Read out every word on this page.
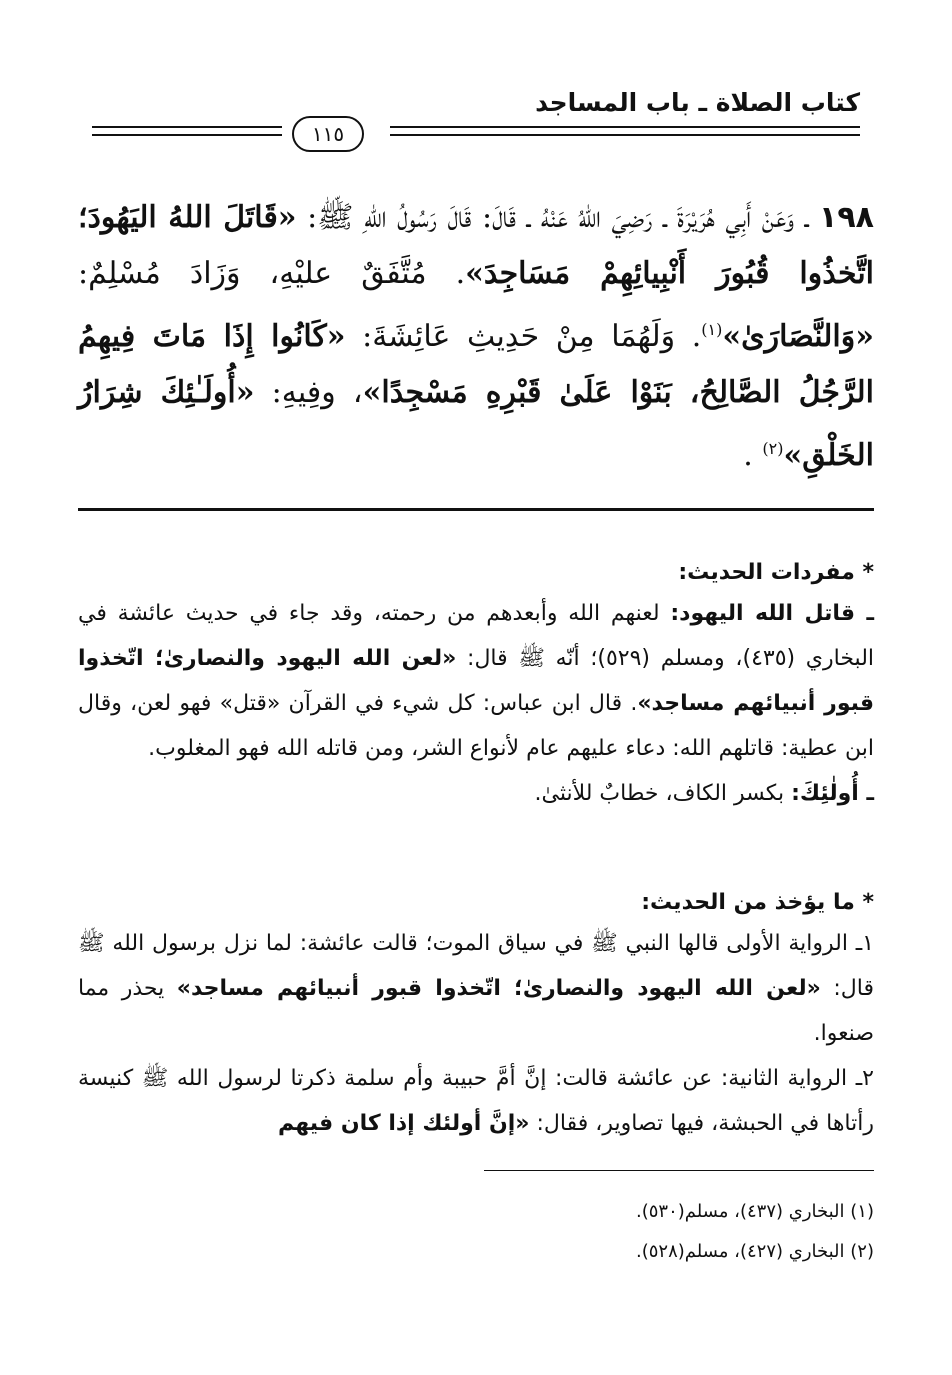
كتاب الصلاة ـ باب المساجد
١١٥
١٩٨ ـ وَعَنْ أَبِي هُرَيْرَةَ ـ رَضِيَ اللهُ عَنْهُ ـ قَالَ: قَالَ رَسُولُ اللهِ ﷺ: «قَاتَلَ اللهُ اليَهُودَ؛ اتَّخذُوا قُبُورَ أَنْبِيائِهِمْ مَسَاجِدَ». مُتَّفَقٌ عليْهِ، وَزَادَ مُسْلِمٌ: «وَالنَّصَارَىٰ»$^{(١)}$. وَلَهُمَا مِنْ حَدِيثِ عَائِشَةَ: «كَانُوا إِذَا مَاتَ فِيهِمُ الرَّجُلُ الصَّالِحُ، بَنَوْا عَلَىٰ قَبْرِهِ مَسْجِدًا»، وفِيهِ: «أُولَـٰئِكَ شِرَارُ الخَلْقِ»$^{(٢)}$ .
* مفردات الحديث:

ـ قاتل الله اليهود: لعنهم الله وأبعدهم من رحمته، وقد جاء في حديث عائشة في البخاري (٤٣٥)، ومسلم (٥٢٩)؛ أنّه ﷺ قال: «لعن الله اليهود والنصارىٰ؛ اتّخذوا قبور أنبيائهم مساجد». قال ابن عباس: كل شيء في القرآن «قتل» فهو لعن، وقال ابن عطية: قاتلهم الله: دعاء عليهم عام لأنواع الشر، ومن قاتله الله فهو المغلوب.

ـ أُولٰئِكَ: بكسر الكاف، خطابٌ للأنثىٰ.

* ما يؤخذ من الحديث:

١ـ الرواية الأولى قالها النبي ﷺ في سياق الموت؛ قالت عائشة: لما نزل برسول الله ﷺ قال: «لعن الله اليهود والنصارىٰ؛ اتّخذوا قبور أنبيائهم مساجد» يحذر مما صنعوا.

٢ـ الرواية الثانية: عن عائشة قالت: إنَّ أمَّ حبيبة وأم سلمة ذكرتا لرسول الله ﷺ كنيسة رأتاها في الحبشة، فيها تصاوير، فقال: «إنَّ أولئك إذا كان فيهم

(١) البخاري (٤٣٧)، مسلم(٥٣٠).
(٢) البخاري (٤٢٧)، مسلم(٥٢٨).
